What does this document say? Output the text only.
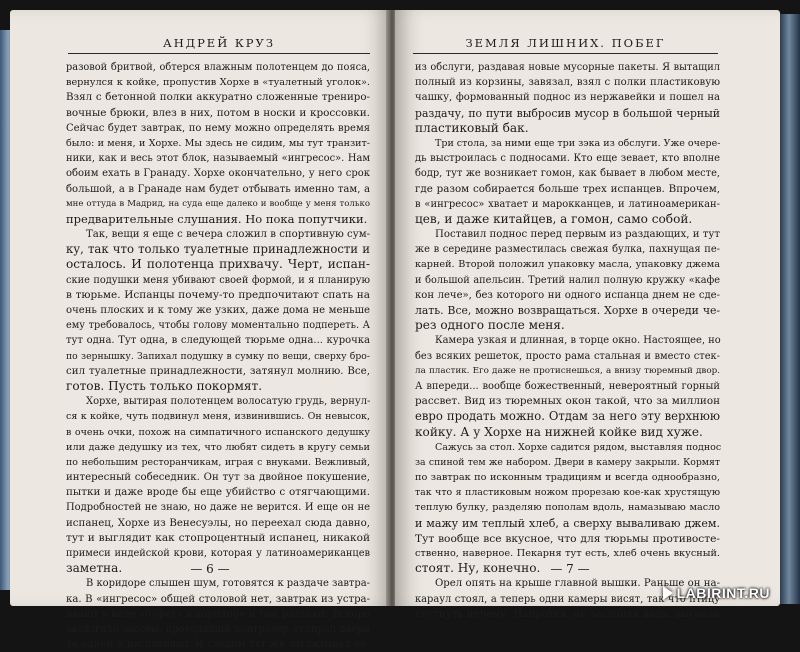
АНДРЕЙ КРУЗ
разовой бритвой, обтерся влажным полотенцем до пояса,
вернулся к койке, пропустив Хорхе в «туалетный уголок».
Взял с бетонной полки аккуратно сложенные трениро-
вочные брюки, влез в них, потом в носки и кроссовки.
Сейчас будет завтрак, по нему можно определять время
было: и меня, и Хорхе. Мы здесь не сидим, мы тут транзит-
ники, как и весь этот блок, называемый «ингресос». Нам
обоим ехать в Гранаду. Хорхе окончательно, у него срок
большой, а в Гранаде нам будет отбывать именно там, а
мне оттуда в Мадрид, на суда еще далеко и вообще у меня только
предварительные слушания. Но пока попутчики.
Так, вещи я еще с вечера сложил в спортивную сум-
ку, так что только туалетные принадлежности и
осталось. И полотенца прихвачу. Черт, испан-
ские подушки меня убивают своей формой, и я планирую
в тюрьме. Испанцы почему-то предпочитают спать на
очень плоских и к тому же узких, даже дома не меньше
ему требовалось, чтобы голову моментально подпереть. А
тут одна. Тут одна, в следующей тюрьме одна... курочка
по зернышку. Запихал подушку в сумку по вещи, сверху бро-
сил туалетные принадлежности, затянул молнию. Все,
готов. Пусть только покормят.
Хорхе, вытирая полотенцем волосатую грудь, вернул-
ся к койке, чуть подвинул меня, извинившись. Он невысок,
в очень очки, похож на симпатичного испанского дедушку
или даже дедушку из тех, что любят сидеть в кругу семьи
по небольшим ресторанчикам, играя с внуками. Вежливый,
интересный собеседник. Он тут за двойное покушение,
пытки и даже вроде бы еще убийство с отягчающими.
Подробностей не знаю, но даже не верится. И еще он не
испанец, Хорхе из Венесуэлы, но переехал сюда давно,
тут и выглядит как стопроцентный испанец, никакой
примеси индейской крови, которая у латиноамериканцев
заметна.
В коридоре слышен шум, готовятся к раздаче завтра-
ка. В «ингресос» общей столовой нет, завтрак из устра-
ивают в виде «буфет» в коридоре и там раздают. Вскоре
залязгали засовы, проходящий контролер отпирал двери
за одной и распахивал. И следом тут же заглядывал он,
— 6 —
ЗЕМЛЯ ЛИШНИХ. ПОБЕГ
из обслуги, раздавая новые мусорные пакеты. Я вытащил
полный из корзины, завязал, взял с полки пластиковую
чашку, формованный поднос из нержавейки и пошел на
раздачу, по пути выбросив мусор в большой черный
пластиковый бак.
Три стола, за ними еще три зэка из обслуги. Уже очере-
дь выстроилась с подносами. Кто еще зевает, кто вполне
бодр, тут же возникает гомон, как бывает в любом месте,
где разом собирается больше трех испанцев. Впрочем,
в «ингресос» хватает и марокканцев, и латиноамерикан-
цев, и даже китайцев, а гомон, само собой.
Поставил поднос перед первым из раздающих, и тут
же в середине разместилась свежая булка, пахнущая пе-
карней. Второй положил упаковку масла, упаковку джема
и большой апельсин. Третий налил полную кружку «кафе
кон лече», без которого ни одного испанца днем не сде-
лать. Все, можно возвращаться. Хорхе в очереди че-
рез одного после меня.
Камера узкая и длинная, в торце окно. Настоящее, но
без всяких решеток, просто рама стальная и вместо стек-
ла пластик. Его даже не протиснешься, а внизу тюремный двор.
А впереди... вообще божественный, невероятный горный
рассвет. Вид из тюремных окон такой, что за миллион
евро продать можно. Отдам за него эту верхнюю
койку. А у Хорхе на нижней койке вид хуже.
Сажусь за стол. Хорхе садится рядом, выставляя поднос
за спиной тем же набором. Двери в камеру закрыли. Кормят
по завтрак по исконным традициям и всегда однообразно,
так что я пластиковым ножом прорезаю кое-как хрустящую
теплую булку, разделяю пополам вдоль, намазываю масло
и мажу им теплый хлеб, а сверху вываливаю джем.
Тут вообще все вкусное, что для тюрьмы противосте-
ственно, наверное. Пекарня тут есть, хлеб очень вкусный.
стоят. Ну, конечно.
Орел опять на крыше главной вышки. Раньше он на-
караул стоял, а теперь одни камеры висят, так что птицу
спугнуть нечему. Напротив, не заслоняя вида, высокая
— 7 —
LABIRINT.RU
